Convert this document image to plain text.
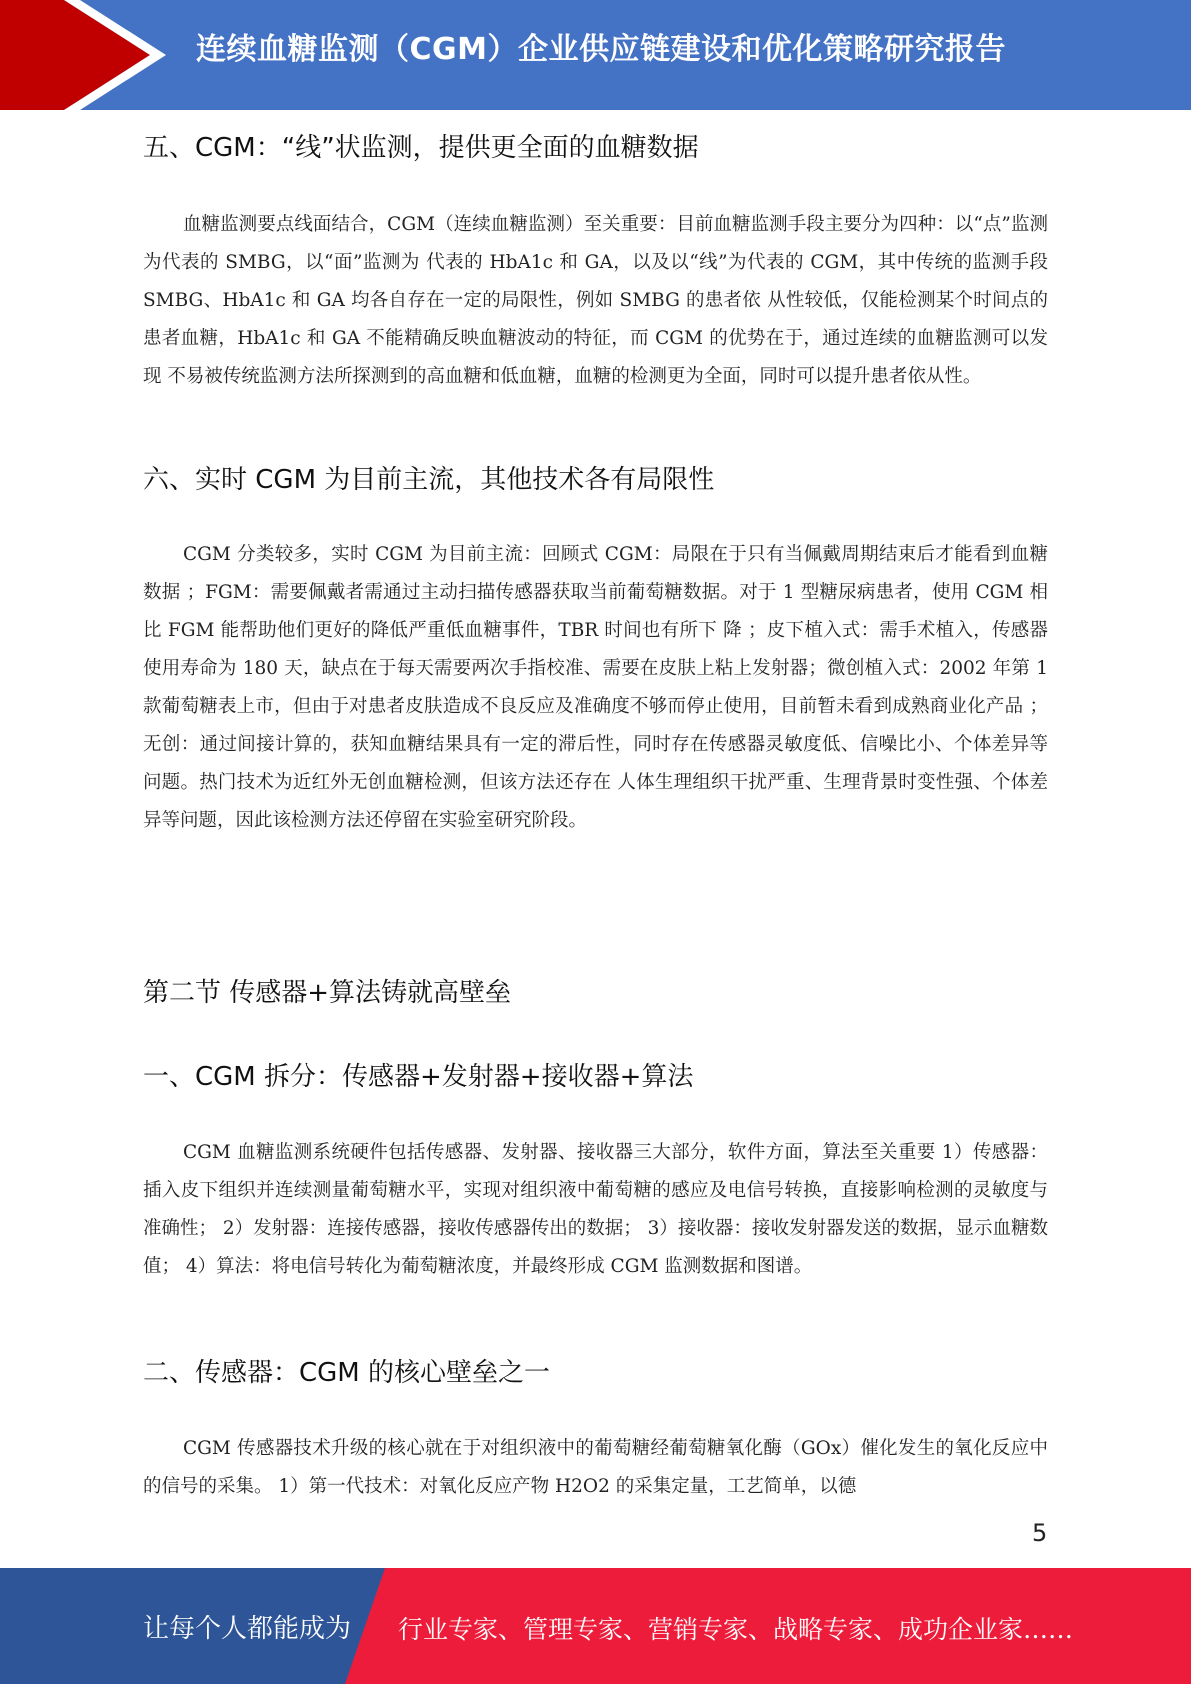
连续血糖监测（CGM）企业供应链建设和优化策略研究报告
五、CGM：“线”状监测，提供更全面的血糖数据

血糖监测要点线面结合，CGM（连续血糖监测）至关重要：目前血糖监测手段主要分为四种：以“点”监测为代表的 SMBG，以“面”监测为 代表的 HbA1c 和 GA，以及以“线”为代表的 CGM，其中传统的监测手段 SMBG、HbA1c 和 GA 均各自存在一定的局限性，例如 SMBG 的患者依 从性较低，仅能检测某个时间点的患者血糖，HbA1c 和 GA 不能精确反映血糖波动的特征，而 CGM 的优势在于，通过连续的血糖监测可以发现 不易被传统监测方法所探测到的高血糖和低血糖，血糖的检测更为全面，同时可以提升患者依从性。

六、实时 CGM 为目前主流，其他技术各有局限性

CGM 分类较多，实时 CGM 为目前主流：回顾式 CGM：局限在于只有当佩戴周期结束后才能看到血糖数据 ；FGM：需要佩戴者需通过主动扫描传感器获取当前葡萄糖数据。对于 1 型糖尿病患者，使用 CGM 相比 FGM 能帮助他们更好的降低严重低血糖事件，TBR 时间也有所下 降 ；皮下植入式：需手术植入，传感器使用寿命为 180 天，缺点在于每天需要两次手指校准、需要在皮肤上粘上发射器；微创植入式：2002 年第 1 款葡萄糖表上市，但由于对患者皮肤造成不良反应及准确度不够而停止使用，目前暂未看到成熟商业化产品 ；无创：通过间接计算的，获知血糖结果具有一定的滞后性，同时存在传感器灵敏度低、信噪比小、个体差异等问题。热门技术为近红外无创血糖检测，但该方法还存在 人体生理组织干扰严重、生理背景时变性强、个体差异等问题，因此该检测方法还停留在实验室研究阶段。

第二节 传感器+算法铸就高壁垒
一、CGM 拆分：传感器+发射器+接收器+算法

CGM 血糖监测系统硬件包括传感器、发射器、接收器三大部分，软件方面，算法至关重要 1）传感器：插入皮下组织并连续测量葡萄糖水平，实现对组织液中葡萄糖的感应及电信号转换，直接影响检测的灵敏度与准确性； 2）发射器：连接传感器，接收传感器传出的数据； 3）接收器：接收发射器发送的数据，显示血糖数值； 4）算法：将电信号转化为葡萄糖浓度，并最终形成 CGM 监测数据和图谱。

二、传感器：CGM 的核心壁垒之一

CGM 传感器技术升级的核心就在于对组织液中的葡萄糖经葡萄糖氧化酶（GOx）催化发生的氧化反应中的信号的采集。 1）第一代技术：对氧化反应产物 H2O2 的采集定量，工艺简单，以德

5
让每个人都能成为 行业专家、管理专家、营销专家、战略专家、成功企业家……
